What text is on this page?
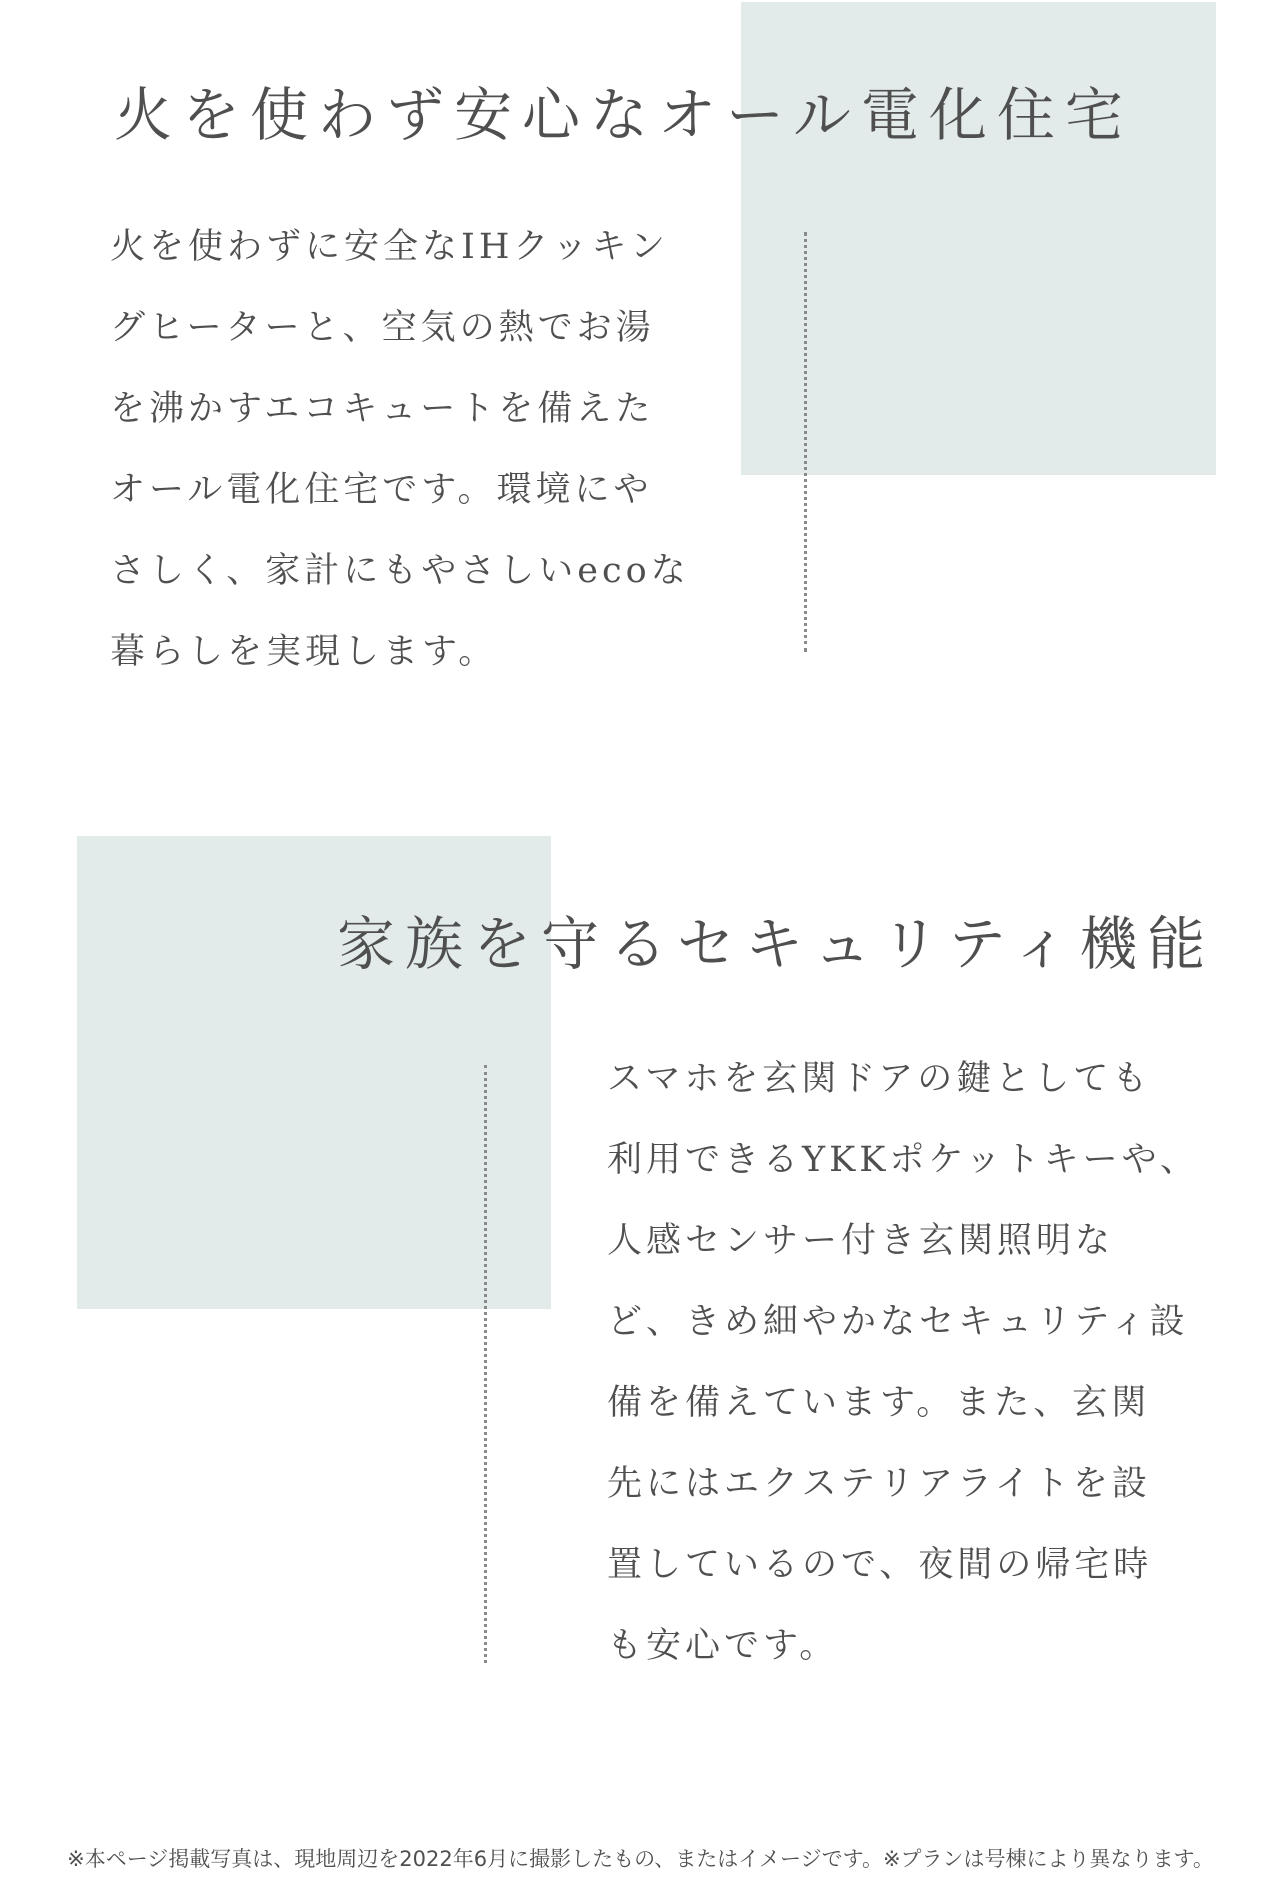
火を使わず安心なオール電化住宅
火を使わずに安全なIHクッキン
グヒーターと、空気の熱でお湯
を沸かすエコキュートを備えた
オール電化住宅です。環境にや
さしく、家計にもやさしいecoな
暮らしを実現します。
家族を守るセキュリティ機能
スマホを玄関ドアの鍵としても
利用できるYKKポケットキーや、
人感センサー付き玄関照明な
ど、きめ細やかなセキュリティ設
備を備えています。また、玄関
先にはエクステリアライトを設
置しているので、夜間の帰宅時
も安心です。

※本ページ掲載写真は、現地周辺を2022年6月に撮影したもの、またはイメージです。※プランは号棟により異なります。
